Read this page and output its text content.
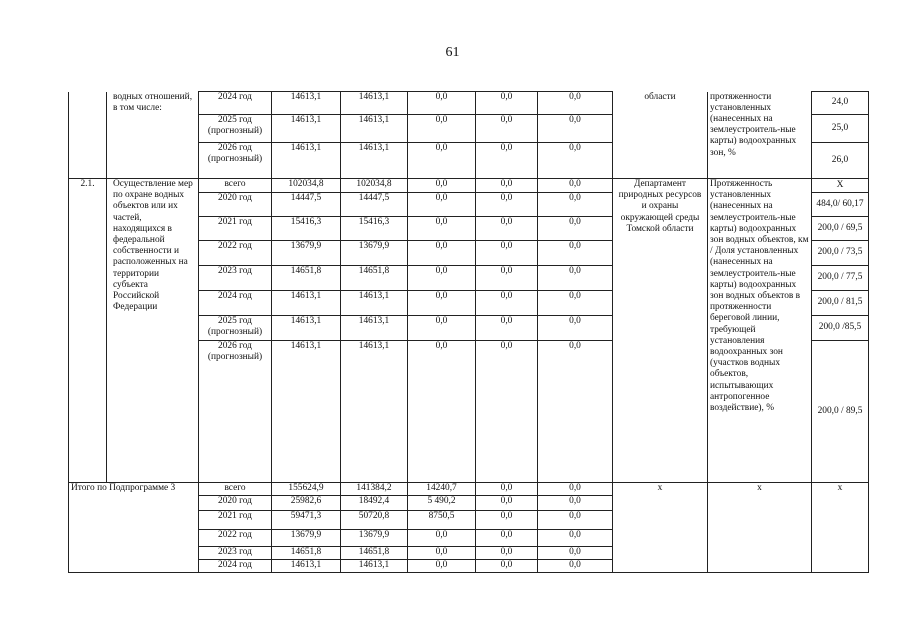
61
	водных отношений, в том числе:	2024 год	14613,1	14613,1	0,0	0,0	0,0	области	протяженности установленных (нанесенных на землеустроитель-ные карты) водоохранных зон, %	24,0
		2025 год (прогнозный)	14613,1	14613,1	0,0	0,0	0,0			25,0
		2026 год (прогнозный)	14613,1	14613,1	0,0	0,0	0,0			26,0
2.1.	Осуществление мер по охране водных объектов или их частей, находящихся в федеральной собственности и расположенных на территории субъекта Российской Федерации	всего	102034,8	102034,8	0,0	0,0	0,0	Департамент природных ресурсов и охраны окружающей среды Томской области	Протяженность установленных (нанесенных на землеустроитель-ные карты) водоохранных зон водных объектов, км / Доля установленных (нанесенных на землеустроитель-ные карты) водоохранных зон водных объектов в протяженности береговой линии, требующей установления водоохранных зон (участков водных объектов, испытывающих антропогенное воздействие), %	X
		2020 год	14447,5	14447,5	0,0	0,0	0,0			484,0/ 60,17
		2021 год	15416,3	15416,3	0,0	0,0	0,0			200,0 / 69,5
		2022 год	13679,9	13679,9	0,0	0,0	0,0			200,0 / 73,5
		2023 год	14651,8	14651,8	0,0	0,0	0,0			200,0 / 77,5
		2024 год	14613,1	14613,1	0,0	0,0	0,0			200,0 / 81,5
		2025 год (прогнозный)	14613,1	14613,1	0,0	0,0	0,0			200,0 /85,5
		2026 год (прогнозный)	14613,1	14613,1	0,0	0,0	0,0			200,0 / 89,5
Итого по Подпрограмме 3		всего	155624,9	141384,2	14240,7	0,0	0,0	x	x	x
		2020 год	25982,6	18492,4	5 490,2	0,0	0,0			
		2021 год	59471,3	50720,8	8750,5	0,0	0,0			
		2022 год	13679,9	13679,9	0,0	0,0	0,0			
		2023 год	14651,8	14651,8	0,0	0,0	0,0			
		2024 год	14613,1	14613,1	0,0	0,0	0,0			
